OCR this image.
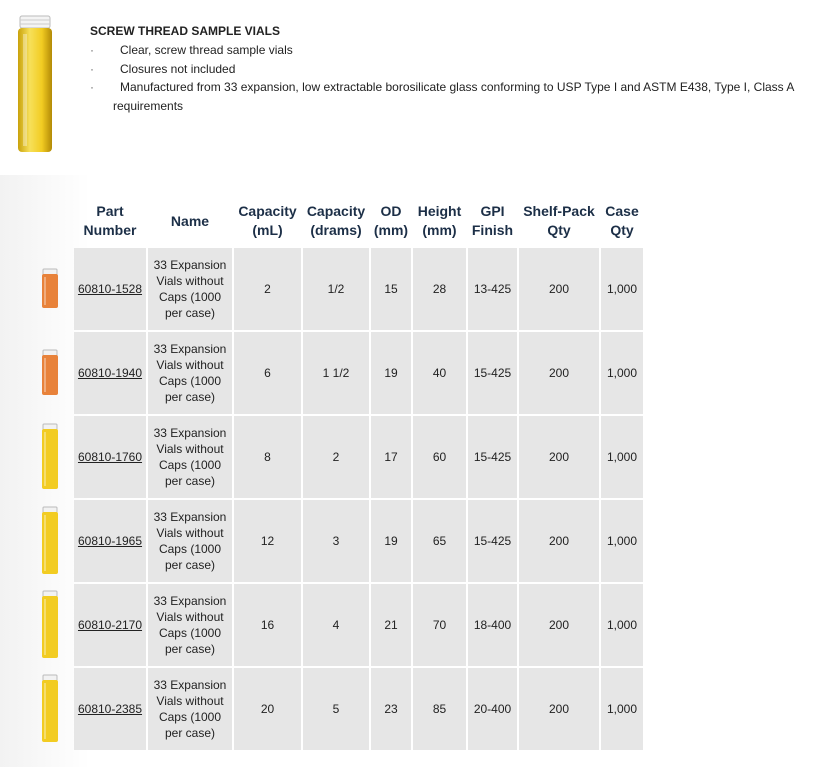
SCREW THREAD SAMPLE VIALS
· Clear, screw thread sample vials
· Closures not included
·	Manufactured from 33 expansion, low extractable borosilicate glass conforming to USP Type I and ASTM E438, Type I, Class A requirements
	Part Number	Name	Capacity (mL)	Capacity (drams)	OD (mm)	Height (mm)	GPI Finish	Shelf-Pack Qty	Case Qty
	60810-1528	33 Expansion Vials without Caps (1000 per case)	2	1/2	15	28	13-425	200	1,000
	60810-1940	33 Expansion Vials without Caps (1000 per case)	6	1 1/2	19	40	15-425	200	1,000
	60810-1760	33 Expansion Vials without Caps (1000 per case)	8	2	17	60	15-425	200	1,000
	60810-1965	33 Expansion Vials without Caps (1000 per case)	12	3	19	65	15-425	200	1,000
	60810-2170	33 Expansion Vials without Caps (1000 per case)	16	4	21	70	18-400	200	1,000
	60810-2385	33 Expansion Vials without Caps (1000 per case)	20	5	23	85	20-400	200	1,000
